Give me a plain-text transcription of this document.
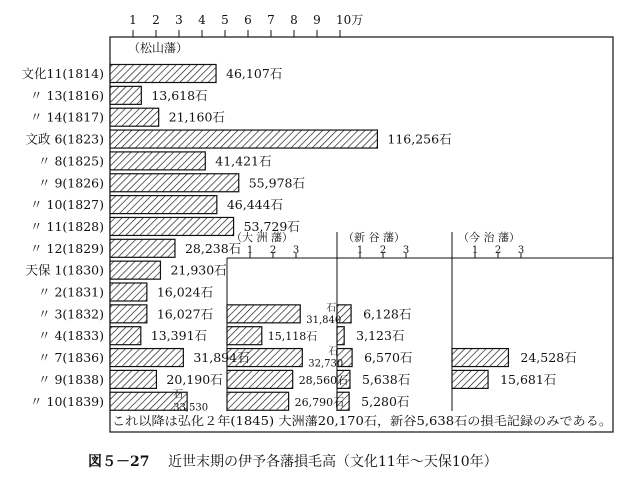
1 2 3 4 5 6 7 8 9 10万
（松山藩）
（大 洲 藩）
1 2 3
（新 谷 藩）
1 2 3
（今 治 藩）
1 2 3
文化11(1814)
〃 13(1816)
〃 14(1817)
文政 6(1823)
〃 8(1825)
〃 9(1826)
〃 10(1827)
〃 11(1828)
〃 12(1829)
天保 1(1830)
〃 2(1831)
〃 3(1832)
〃 4(1833)
〃 7(1836)
〃 9(1838)
〃 10(1839)
46,107石
13,618石
21,160石
116,256石
41,421石
55,978石
46,444石
53,729石
28,238石
21,930石
16,024石
16,027石
13,391石
31,894石
20,190石
石
33,530
石
31,840
15,118石
石
32,730
28,560石
26,790石
6,128石
3,123石
6,570石
5,638石
5,280石
24,528石
15,681石
図５－27 近世末期の伊予各藩損毛高（文化11年～天保10年）
これ以降は弘化２年(1845) 大洲藩20,170石，新谷5,638石の損毛記録のみである。
